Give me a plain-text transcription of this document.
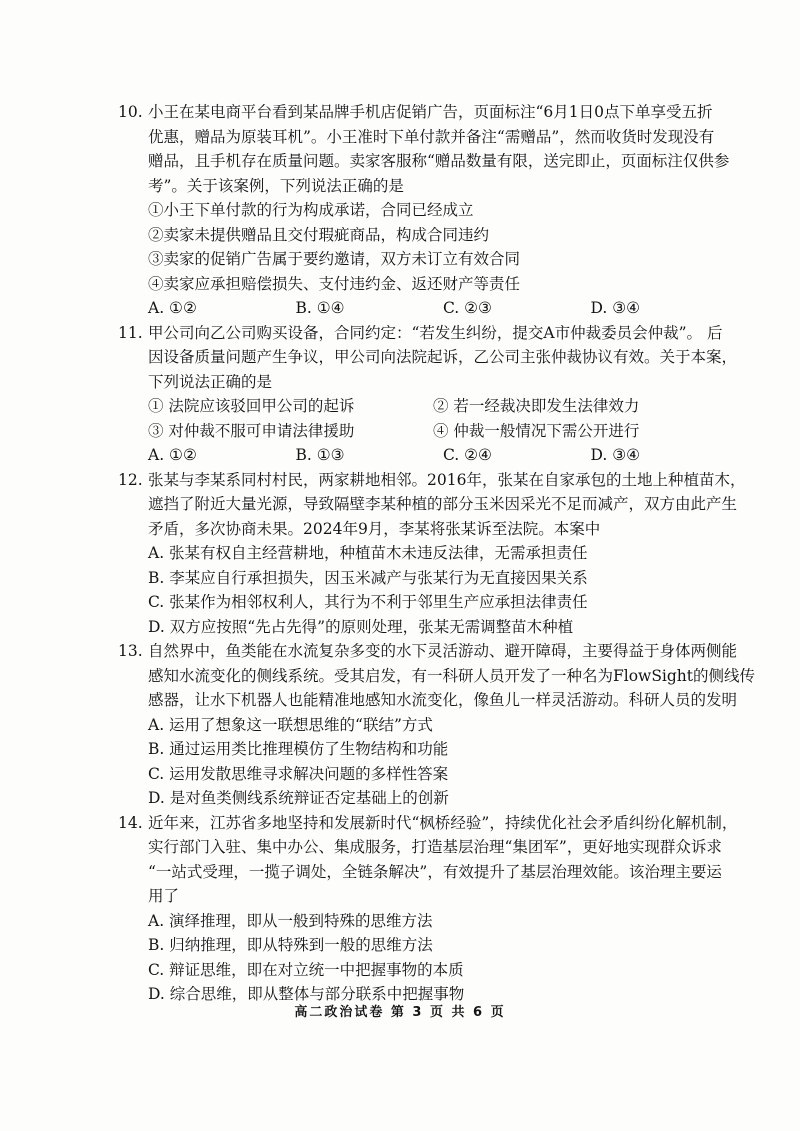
10. 小王在某电商平台看到某品牌手机店促销广告，页面标注“6月1日0点下单享受五折
优惠，赠品为原装耳机”。小王准时下单付款并备注“需赠品”，然而收货时发现没有
赠品，且手机存在质量问题。卖家客服称“赠品数量有限，送完即止，页面标注仅供参
考”。关于该案例，下列说法正确的是
①小王下单付款的行为构成承诺，合同已经成立
②卖家未提供赠品且交付瑕疵商品，构成合同违约
③卖家的促销广告属于要约邀请，双方未订立有效合同
④卖家应承担赔偿损失、支付违约金、返还财产等责任
A. ①②	B. ①④	C. ②③	D. ③④
11. 甲公司向乙公司购买设备，合同约定：“若发生纠纷，提交A市仲裁委员会仲裁”。 后
因设备质量问题产生争议，甲公司向法院起诉，乙公司主张仲裁协议有效。关于本案，
下列说法正确的是
① 法院应该驳回甲公司的起诉	② 若一经裁决即发生法律效力
③ 对仲裁不服可申请法律援助	④ 仲裁一般情况下需公开进行
A. ①②	B. ①③	C. ②④	D. ③④
12. 张某与李某系同村村民，两家耕地相邻。2016年，张某在自家承包的土地上种植苗木，
遮挡了附近大量光源，导致隔壁李某种植的部分玉米因采光不足而减产，双方由此产生
矛盾，多次协商未果。2024年9月，李某将张某诉至法院。本案中
A. 张某有权自主经营耕地，种植苗木未违反法律，无需承担责任
B. 李某应自行承担损失，因玉米减产与张某行为无直接因果关系
C. 张某作为相邻权利人，其行为不利于邻里生产应承担法律责任
D. 双方应按照“先占先得”的原则处理，张某无需调整苗木种植
13. 自然界中，鱼类能在水流复杂多变的水下灵活游动、避开障碍，主要得益于身体两侧能
感知水流变化的侧线系统。受其启发，有一科研人员开发了一种名为FlowSight的侧线传
感器，让水下机器人也能精准地感知水流变化，像鱼儿一样灵活游动。科研人员的发明
A. 运用了想象这一联想思维的“联结”方式
B. 通过运用类比推理模仿了生物结构和功能
C. 运用发散思维寻求解决问题的多样性答案
D. 是对鱼类侧线系统辩证否定基础上的创新
14. 近年来，江苏省多地坚持和发展新时代“枫桥经验”，持续优化社会矛盾纠纷化解机制，
实行部门入驻、集中办公、集成服务，打造基层治理“集团军”，更好地实现群众诉求
“一站式受理，一揽子调处，全链条解决”，有效提升了基层治理效能。该治理主要运
用了
A. 演绎推理，即从一般到特殊的思维方法
B. 归纳推理，即从特殊到一般的思维方法
C. 辩证思维，即在对立统一中把握事物的本质
D. 综合思维，即从整体与部分联系中把握事物
高二政治试卷 第 3 页 共 6 页
